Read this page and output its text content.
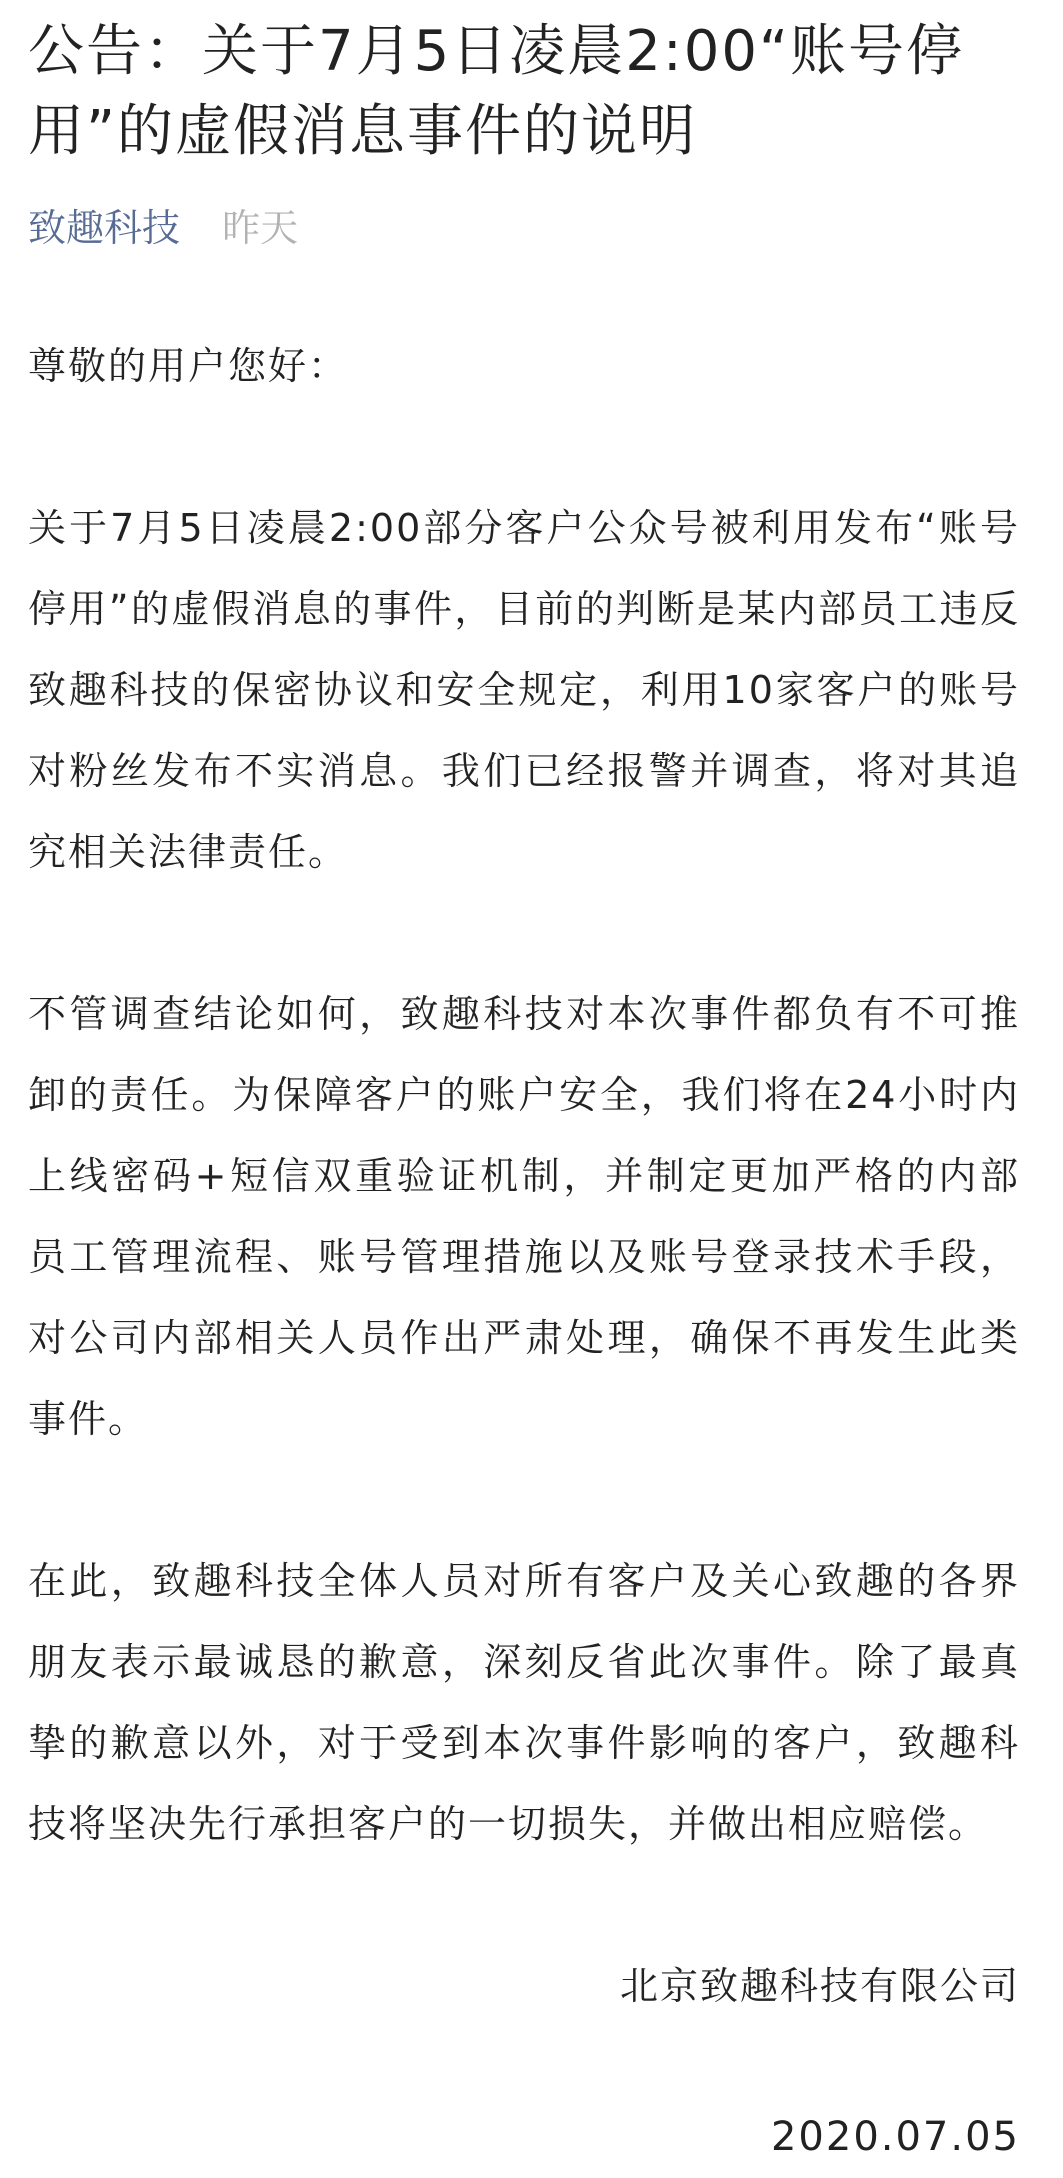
公告：关于7月5日凌晨2:00“账号停用”的虚假消息事件的说明
致趣科技 昨天

尊敬的用户您好：

关于7月5日凌晨2:00部分客户公众号被利用发布“账号停用”的虚假消息的事件，目前的判断是某内部员工违反致趣科技的保密协议和安全规定，利用10家客户的账号对粉丝发布不实消息。我们已经报警并调查，将对其追究相关法律责任。

不管调查结论如何，致趣科技对本次事件都负有不可推卸的责任。为保障客户的账户安全，我们将在24小时内上线密码+短信双重验证机制，并制定更加严格的内部员工管理流程、账号管理措施以及账号登录技术手段，对公司内部相关人员作出严肃处理，确保不再发生此类事件。

在此，致趣科技全体人员对所有客户及关心致趣的各界朋友表示最诚恳的歉意，深刻反省此次事件。除了最真挚的歉意以外，对于受到本次事件影响的客户，致趣科技将坚决先行承担客户的一切损失，并做出相应赔偿。

北京致趣科技有限公司

2020.07.05
